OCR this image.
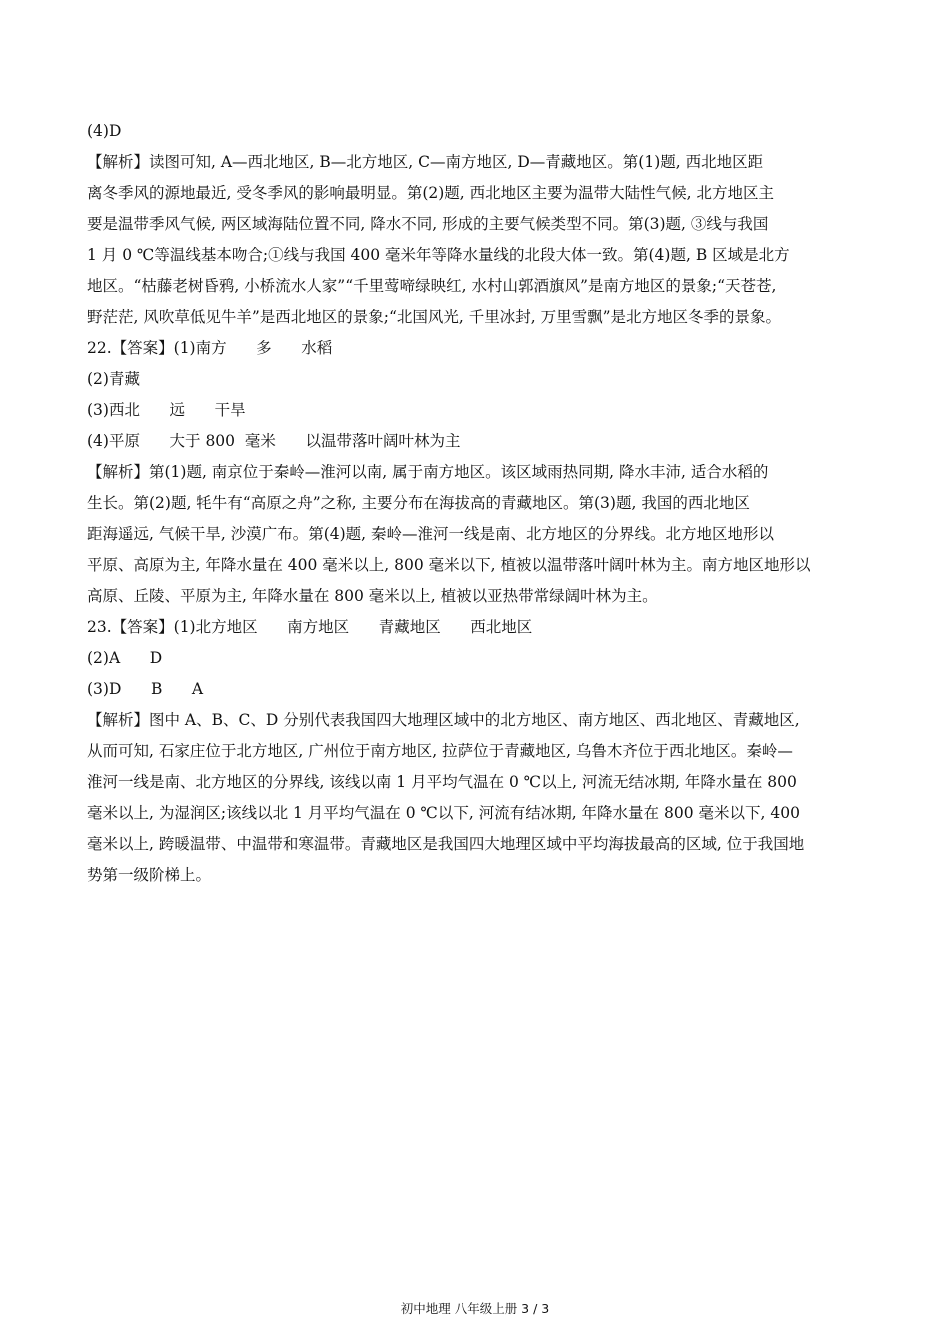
(4)D
【解析】读图可知, A—西北地区, B—北方地区, C—南方地区, D—青藏地区。第(1)题, 西北地区距
离冬季风的源地最近, 受冬季风的影响最明显。第(2)题, 西北地区主要为温带大陆性气候, 北方地区主
要是温带季风气候, 两区域海陆位置不同, 降水不同, 形成的主要气候类型不同。第(3)题, ③线与我国
1 月 0 ℃等温线基本吻合;①线与我国 400 毫米年等降水量线的北段大体一致。第(4)题, B 区域是北方
地区。“枯藤老树昏鸦, 小桥流水人家”“千里莺啼绿映红, 水村山郭酒旗风”是南方地区的景象;“天苍苍,
野茫茫, 风吹草低见牛羊”是西北地区的景象;“北国风光, 千里冰封, 万里雪飘”是北方地区冬季的景象。
22.【答案】(1)南方      多      水稻
(2)青藏
(3)西北      远      干旱
(4)平原      大于 800  毫米      以温带落叶阔叶林为主
【解析】第(1)题, 南京位于秦岭—淮河以南, 属于南方地区。该区域雨热同期, 降水丰沛, 适合水稻的
生长。第(2)题, 牦牛有“高原之舟”之称, 主要分布在海拔高的青藏地区。第(3)题, 我国的西北地区
距海遥远, 气候干旱, 沙漠广布。第(4)题, 秦岭—淮河一线是南、北方地区的分界线。北方地区地形以
平原、高原为主, 年降水量在 400 毫米以上, 800 毫米以下, 植被以温带落叶阔叶林为主。南方地区地形以
高原、丘陵、平原为主, 年降水量在 800 毫米以上, 植被以亚热带常绿阔叶林为主。
23.【答案】(1)北方地区      南方地区      青藏地区      西北地区
(2)A      D
(3)D      B      A
【解析】图中 A、B、C、D 分别代表我国四大地理区域中的北方地区、南方地区、西北地区、青藏地区,
从而可知, 石家庄位于北方地区, 广州位于南方地区, 拉萨位于青藏地区, 乌鲁木齐位于西北地区。秦岭—
淮河一线是南、北方地区的分界线, 该线以南 1 月平均气温在 0 ℃以上, 河流无结冰期, 年降水量在 800
毫米以上, 为湿润区;该线以北 1 月平均气温在 0 ℃以下, 河流有结冰期, 年降水量在 800 毫米以下, 400
毫米以上, 跨暖温带、中温带和寒温带。青藏地区是我国四大地理区域中平均海拔最高的区域, 位于我国地
势第一级阶梯上。
初中地理 八年级上册 3 / 3
